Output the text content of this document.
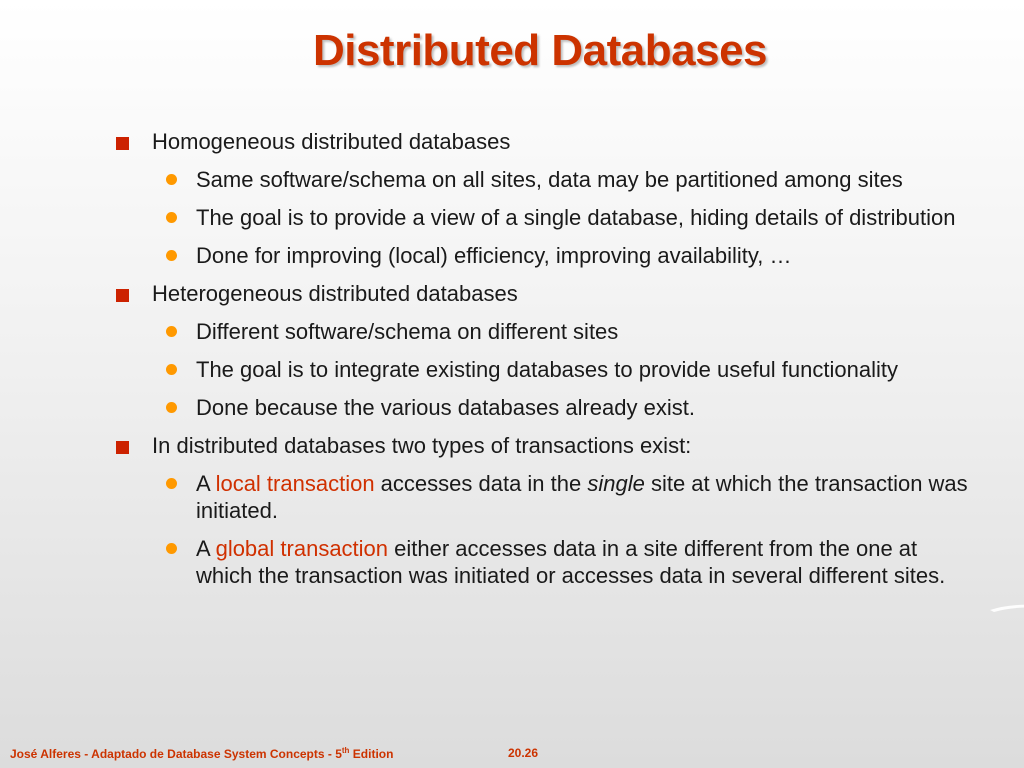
Distributed Databases
Homogeneous distributed databases
Same software/schema on all sites, data may be partitioned among sites
The goal is to provide a view of a single database, hiding details of distribution
Done for improving (local) efficiency, improving availability, …
Heterogeneous distributed databases
Different software/schema on different sites
The goal is to integrate existing databases to provide useful functionality
Done because the various databases already exist.
In distributed databases two types of transactions exist:
A local transaction accesses data in the single site at which the transaction was initiated.
A global transaction either accesses data in a site different from the one at which the transaction was initiated or accesses data in several different sites.
José Alferes - Adaptado de Database System Concepts - 5th Edition	20.26
